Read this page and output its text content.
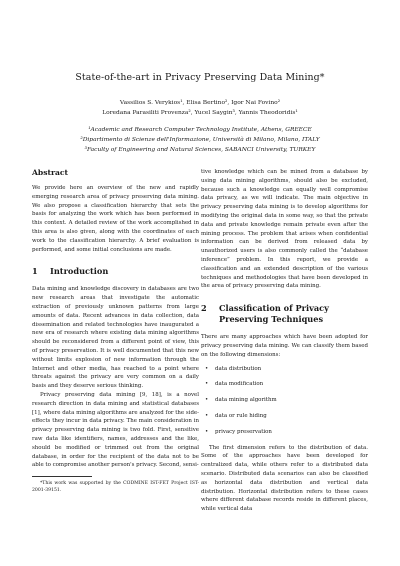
State-of-the-art in Privacy Preserving Data Mining*
Vassilios S. Verykios¹, Elisa Bertino², Igor Nai Fovino²
Loredana Parasiliti Provenza², Yucel Saygin³, Yannis Theodoridis¹
¹Academic and Research Computer Technology Institute, Athens, GREECE
²Dipartimento di Scienze dell'Informazione, Università di Milano, Milano, ITALY
³Faculty of Engineering and Natural Sciences, SABANCI University, TURKEY
Abstract

We provide here an overview of the new and rapidly emerging research area of privacy preserving data mining. We also propose a classification hierarchy that sets the basis for analyzing the work which has been performed in this context. A detailed review of the work accomplished in this area is also given, along with the coordinates of each work to the classification hierarchy. A brief evaluation is performed, and some initial conclusions are made.

1	Introduction

Data mining and knowledge discovery in databases are two new research areas that investigate the automatic extraction of previously unknown patterns from large amounts of data. Recent advances in data collection, data dissemination and related technologies have inaugurated a new era of research where existing data mining algorithms should be reconsidered from a different point of view, this of privacy preservation. It is well documented that this new without limits explosion of new information through the Internet and other media, has reached to a point where threats against the privacy are very common on a daily basis and they deserve serious thinking.

Privacy preserving data mining [9, 18], is a novel research direction in data mining and statistical databases [1], where data mining algorithms are analyzed for the side-effects they incur in data privacy. The main consideration in privacy preserving data mining is two fold. First, sensitive raw data like identifiers, names, addresses and the like, should be modified or trimmed out from the original database, in order for the recipient of the data not to be able to compromise another person's privacy. Second, sensi-

*This work was supported by the CODMINE IST-FET Project IST-2001-39151.

tive knowledge which can be mined from a database by using data mining algorithms, should also be excluded, because such a knowledge can equally well compromise data privacy, as we will indicate. The main objective in privacy preserving data mining is to develop algorithms for modifying the original data in some way, so that the private data and private knowledge remain private even after the mining process. The problem that arises when confidential information can be derived from released data by unauthorized users is also commonly called the “database inference” problem. In this report, we provide a classification and an extended description of the various techniques and methodologies that have been developed in the area of privacy preserving data mining.

2	Classification of Privacy Preserving Techniques

There are many approaches which have been adopted for privacy preserving data mining. We can classify them based on the following dimensions:

•	data distribution
•	data modification
•	data mining algorithm
•	data or rule hiding
•	privacy preservation

The first dimension refers to the distribution of data. Some of the approaches have been developed for centralized data, while others refer to a distributed data scenario. Distributed data scenarios can also be classified as horizontal data distribution and vertical data distribution. Horizontal distribution refers to these cases where different database records reside in different places, while vertical data
